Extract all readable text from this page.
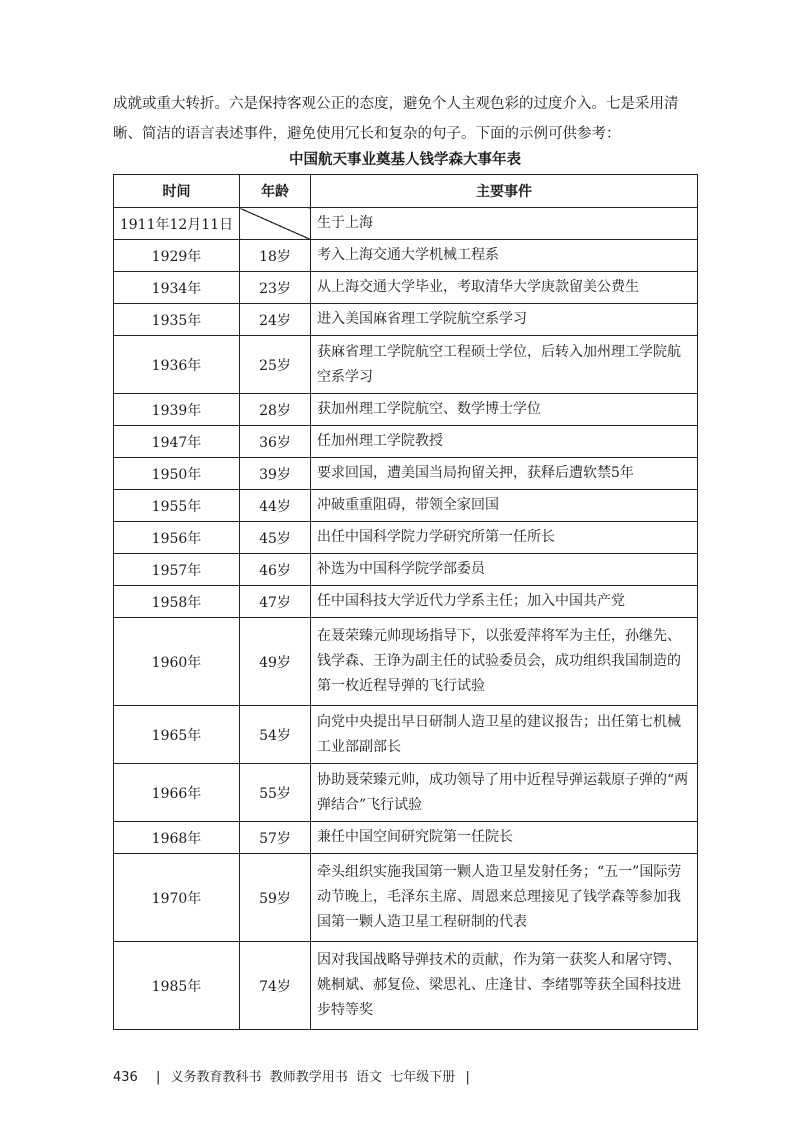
成就或重大转折。六是保持客观公正的态度，避免个人主观色彩的过度介入。七是采用清晰、简洁的语言表述事件，避免使用冗长和复杂的句子。下面的示例可供参考：

中国航天事业奠基人钱学森大事年表

时间	年龄	主要事件
1911年12月11日		生于上海
1929年	18岁	考入上海交通大学机械工程系
1934年	23岁	从上海交通大学毕业，考取清华大学庚款留美公费生
1935年	24岁	进入美国麻省理工学院航空系学习
1936年	25岁	获麻省理工学院航空工程硕士学位，后转入加州理工学院航空系学习
1939年	28岁	获加州理工学院航空、数学博士学位
1947年	36岁	任加州理工学院教授
1950年	39岁	要求回国，遭美国当局拘留关押，获释后遭软禁5年
1955年	44岁	冲破重重阻碍，带领全家回国
1956年	45岁	出任中国科学院力学研究所第一任所长
1957年	46岁	补选为中国科学院学部委员
1958年	47岁	任中国科技大学近代力学系主任；加入中国共产党
1960年	49岁	在聂荣臻元帅现场指导下，以张爱萍将军为主任，孙继先、钱学森、王诤为副主任的试验委员会，成功组织我国制造的第一枚近程导弹的飞行试验
1965年	54岁	向党中央提出早日研制人造卫星的建议报告；出任第七机械工业部副部长
1966年	55岁	协助聂荣臻元帅，成功领导了用中近程导弹运载原子弹的“两弹结合”飞行试验
1968年	57岁	兼任中国空间研究院第一任院长
1970年	59岁	牵头组织实施我国第一颗人造卫星发射任务；“五一”国际劳动节晚上，毛泽东主席、周恩来总理接见了钱学森等参加我国第一颗人造卫星工程研制的代表
1985年	74岁	因对我国战略导弹技术的贡献，作为第一获奖人和屠守锷、姚桐斌、郝复俭、梁思礼、庄逢甘、李绪鄂等获全国科技进步特等奖
436 | 义务教育教科书  教师教学用书  语文  七年级下册 |
